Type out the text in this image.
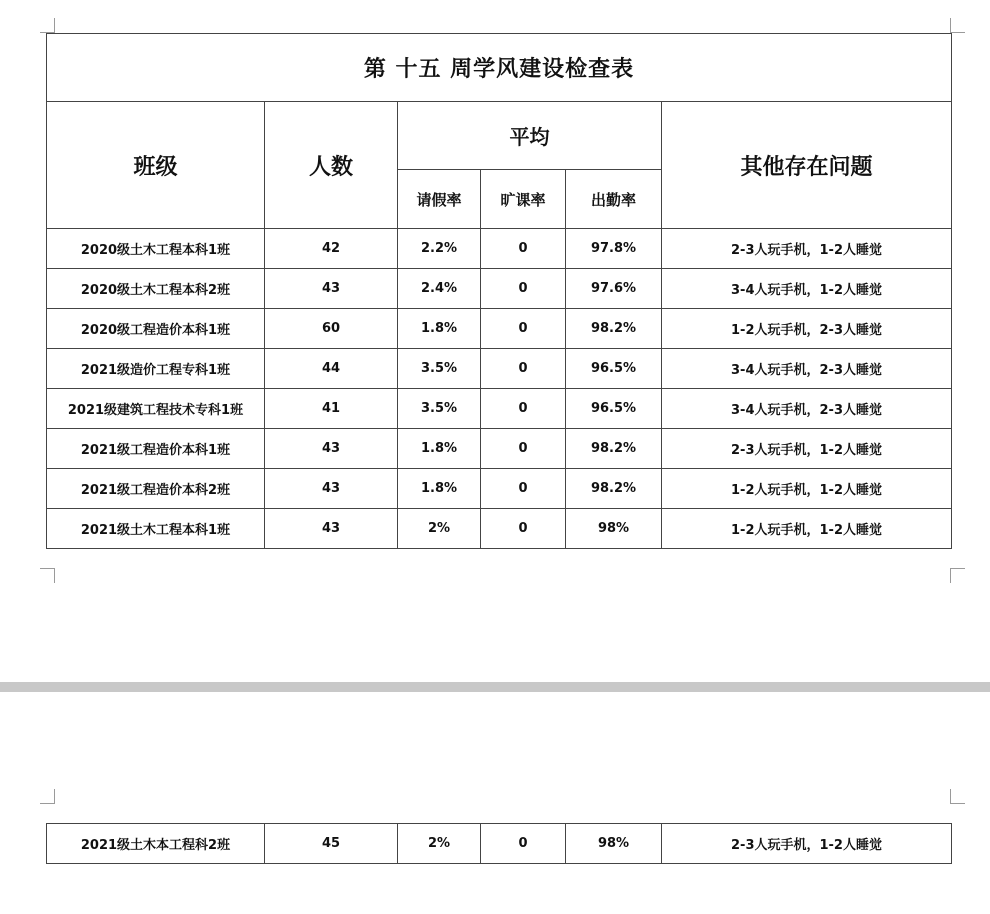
第 十五 周学风建设检查表					
班级	人数	平均			其他存在问题
		请假率	旷课率	出勤率	
2020级土木工程本科1班	42	2.2%	0	97.8%	2-3人玩手机，1-2人睡觉
2020级土木工程本科2班	43	2.4%	0	97.6%	3-4人玩手机，1-2人睡觉
2020级工程造价本科1班	60	1.8%	0	98.2%	1-2人玩手机，2-3人睡觉
2021级造价工程专科1班	44	3.5%	0	96.5%	3-4人玩手机，2-3人睡觉
2021级建筑工程技术专科1班	41	3.5%	0	96.5%	3-4人玩手机，2-3人睡觉
2021级工程造价本科1班	43	1.8%	0	98.2%	2-3人玩手机，1-2人睡觉
2021级工程造价本科2班	43	1.8%	0	98.2%	1-2人玩手机，1-2人睡觉
2021级土木工程本科1班	43	2%	0	98%	1-2人玩手机，1-2人睡觉
2021级土木本工程科2班	45	2%	0	98%	2-3人玩手机，1-2人睡觉
